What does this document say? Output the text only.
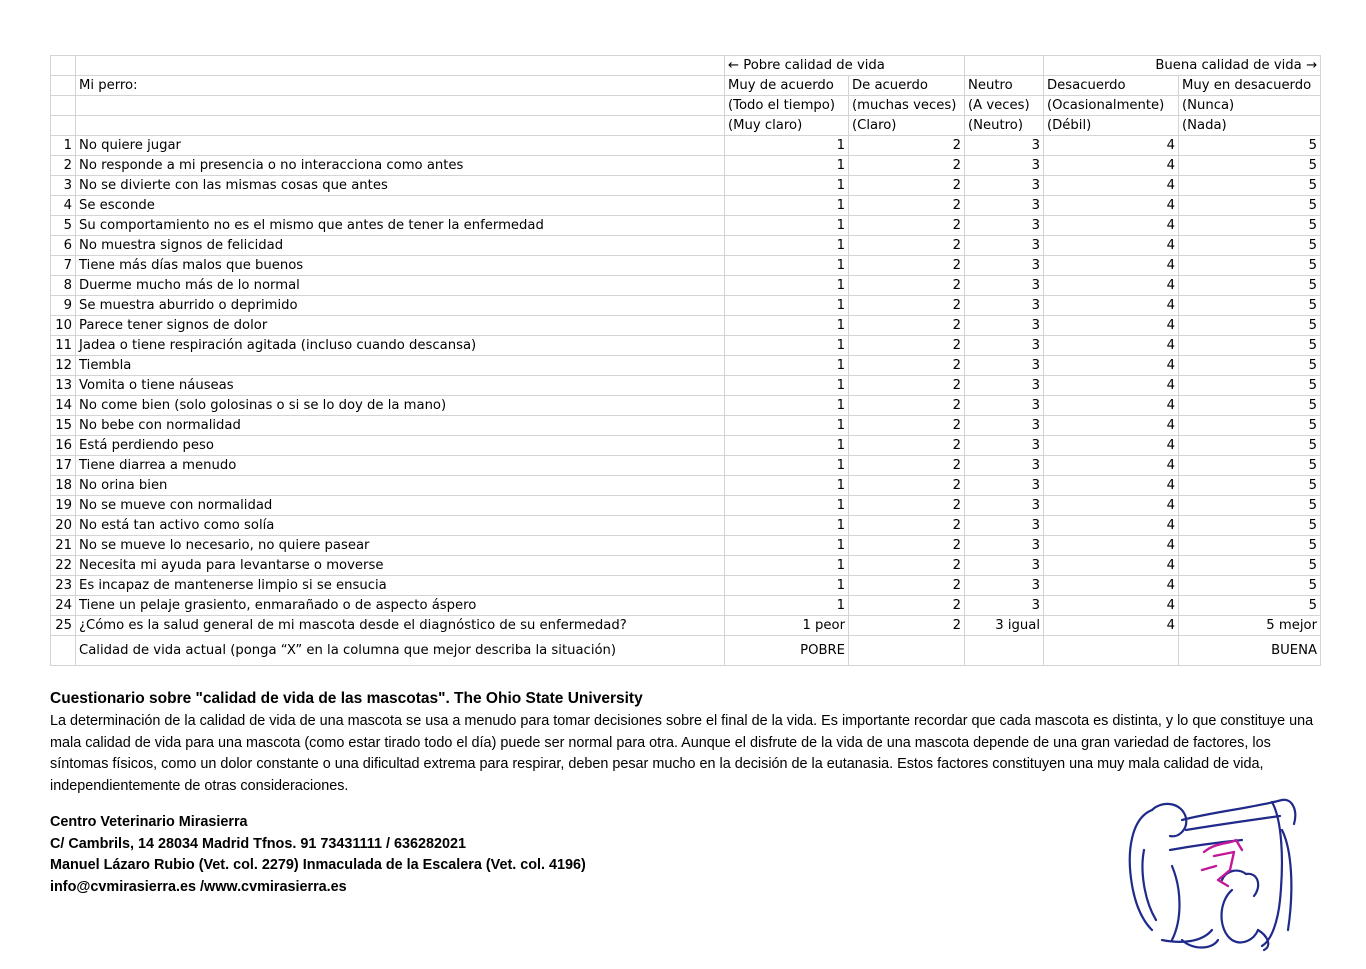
		← Pobre calidad de vida			Buena calidad de vida →	
	Mi perro:	Muy de acuerdo	De acuerdo	Neutro	Desacuerdo	Muy en desacuerdo
		(Todo el tiempo)	(muchas veces)	(A veces)	(Ocasionalmente)	(Nunca)
		(Muy claro)	(Claro)	(Neutro)	(Débil)	(Nada)
1	No quiere jugar	1	2	3	4	5
2	No responde a mi presencia o no interacciona como antes	1	2	3	4	5
3	No se divierte con las mismas cosas que antes	1	2	3	4	5
4	Se esconde	1	2	3	4	5
5	Su comportamiento no es el mismo que antes de tener la enfermedad	1	2	3	4	5
6	No muestra signos de felicidad	1	2	3	4	5
7	Tiene más días malos que buenos	1	2	3	4	5
8	Duerme mucho más de lo normal	1	2	3	4	5
9	Se muestra aburrido o deprimido	1	2	3	4	5
10	Parece tener signos de dolor	1	2	3	4	5
11	Jadea o tiene respiración agitada (incluso cuando descansa)	1	2	3	4	5
12	Tiembla	1	2	3	4	5
13	Vomita o tiene náuseas	1	2	3	4	5
14	No come bien (solo golosinas o si se lo doy de la mano)	1	2	3	4	5
15	No bebe con normalidad	1	2	3	4	5
16	Está perdiendo peso	1	2	3	4	5
17	Tiene diarrea a menudo	1	2	3	4	5
18	No orina bien	1	2	3	4	5
19	No se mueve con normalidad	1	2	3	4	5
20	No está tan activo como solía	1	2	3	4	5
21	No se mueve lo necesario, no quiere pasear	1	2	3	4	5
22	Necesita mi ayuda para levantarse o moverse	1	2	3	4	5
23	Es incapaz de mantenerse limpio si se ensucia	1	2	3	4	5
24	Tiene un pelaje grasiento, enmarañado o de aspecto áspero	1	2	3	4	5
25	¿Cómo es la salud general de mi mascota desde el diagnóstico de su enfermedad?	1 peor	2	3 igual	4	5 mejor
	Calidad de vida actual (ponga “X” en la columna que mejor describa la situación)	POBRE				BUENA
Cuestionario sobre "calidad de vida de las mascotas". The Ohio State University

La determinación de la calidad de vida de una mascota se usa a menudo para tomar decisiones sobre el final de la vida. Es importante recordar que cada mascota es distinta, y lo que constituye una mala calidad de vida para una mascota (como estar tirado todo el día) puede ser normal para otra. Aunque el disfrute de la vida de una mascota depende de una gran variedad de factores, los síntomas físicos, como un dolor constante o una dificultad extrema para respirar, deben pesar mucho en la decisión de la eutanasia. Estos factores constituyen una muy mala calidad de vida, independientemente de otras consideraciones.

Centro Veterinario Mirasierra
C/ Cambrils, 14 28034 Madrid Tfnos. 91 73431111 / 636282021
Manuel Lázaro Rubio (Vet. col. 2279) Inmaculada de la Escalera (Vet. col. 4196)
info@cvmirasierra.es /www.cvmirasierra.es
